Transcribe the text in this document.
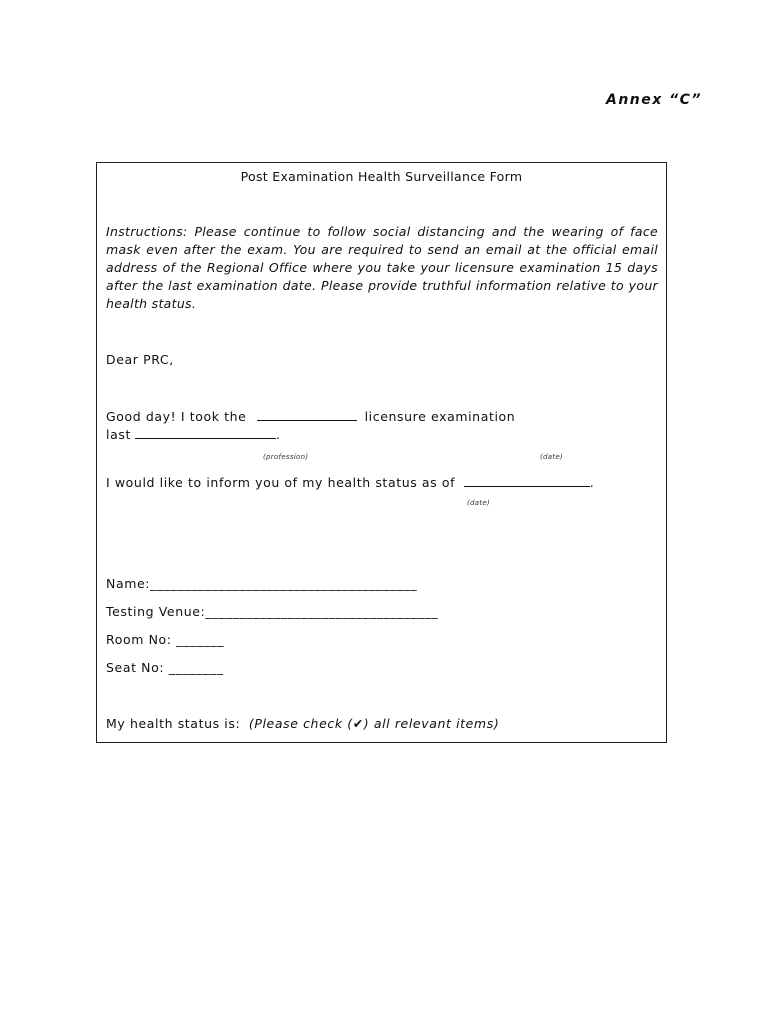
Annex “C”
Post Examination Health Surveillance Form
Instructions: Please continue to follow social distancing and the wearing of face mask even after the exam. You are required to send an email at the official email address of the Regional Office where you take your licensure examination 15 days after the last examination date. Please provide truthful information relative to your health status.
Dear PRC,
Good day! I took the	licensure examination
last	.
(profession)	(date)
I would like to inform you of my health status as of	.
(date)
Name:_______________________________________
Testing Venue:__________________________________
Room No: _______
Seat No: ________
My health status is: (Please check (✔) all relevant items)
